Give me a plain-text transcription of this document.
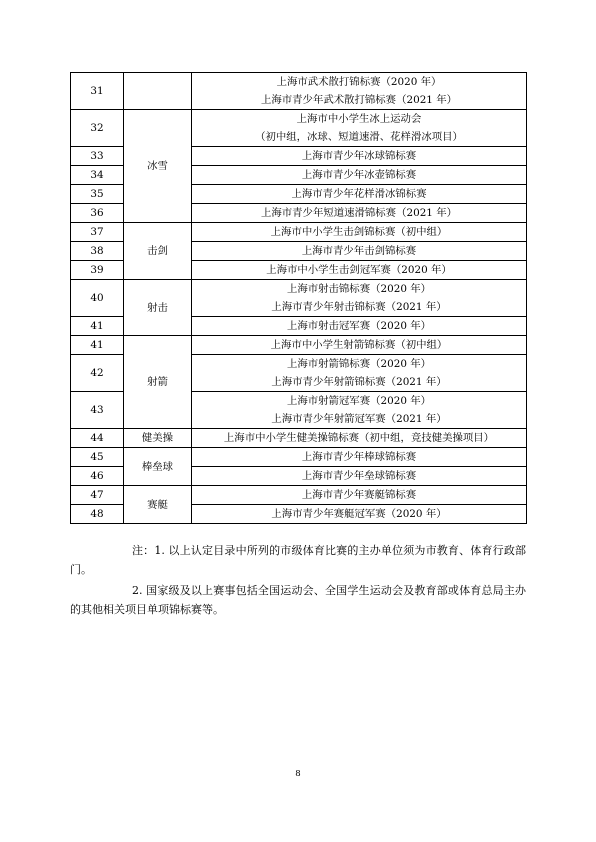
31		上海市武术散打锦标赛（2020 年）
上海市青少年武术散打锦标赛（2021 年）

32	冰雪	上海市中小学生冰上运动会
（初中组，冰球、短道速滑、花样滑冰项目）

33		上海市青少年冰球锦标赛
34		上海市青少年冰壶锦标赛
35		上海市青少年花样滑冰锦标赛
36		上海市青少年短道速滑锦标赛（2021 年）
37	击剑	上海市中小学生击剑锦标赛（初中组）
38		上海市青少年击剑锦标赛
39		上海市中小学生击剑冠军赛（2020 年）
40	射击	上海市射击锦标赛（2020 年）
上海市青少年射击锦标赛（2021 年）

41		上海市射击冠军赛（2020 年）
41	射箭	上海市中小学生射箭锦标赛（初中组）
42		上海市射箭锦标赛（2020 年）
上海市青少年射箭锦标赛（2021 年）

43		上海市射箭冠军赛（2020 年）
上海市青少年射箭冠军赛（2021 年）

44	健美操	上海市中小学生健美操锦标赛（初中组，竞技健美操项目）
45	棒垒球	上海市青少年棒球锦标赛
46		上海市青少年垒球锦标赛
47	赛艇	上海市青少年赛艇锦标赛
48		上海市青少年赛艇冠军赛（2020 年）

注：1. 以上认定目录中所列的市级体育比赛的主办单位须为市教育、体育行政部门。

2. 国家级及以上赛事包括全国运动会、全国学生运动会及教育部或体育总局主办的其他相关项目单项锦标赛等。

8
